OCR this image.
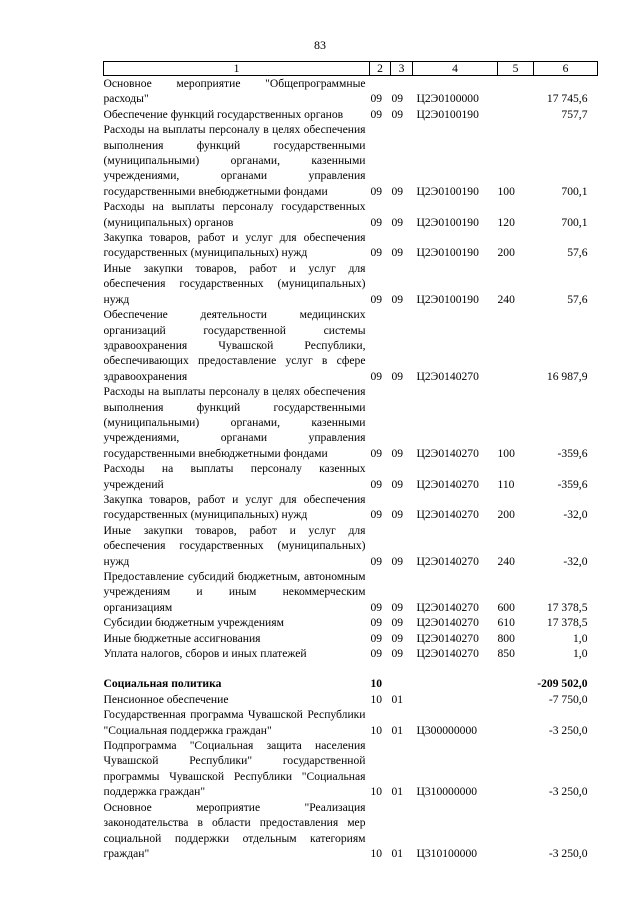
83
1	2	3	4	5	6
Основное мероприятие "Общепрограммные расходы"	09	09	Ц2Э0100000		17 745,6
Обеспечение функций государственных органов	09	09	Ц2Э0100190		757,7
Расходы на выплаты персоналу в целях обеспечения выполнения функций государственными (муниципальными) органами, казенными учреждениями, органами управления государственными внебюджетными фондами	09	09	Ц2Э0100190	100	700,1
Расходы на выплаты персоналу государственных (муниципальных) органов	09	09	Ц2Э0100190	120	700,1
Закупка товаров, работ и услуг для обеспечения государственных (муниципальных) нужд	09	09	Ц2Э0100190	200	57,6
Иные закупки товаров, работ и услуг для обеспечения государственных (муниципальных) нужд	09	09	Ц2Э0100190	240	57,6
Обеспечение деятельности медицинских организаций государственной системы здравоохранения Чувашской Республики, обеспечивающих предоставление услуг в сфере здравоохранения	09	09	Ц2Э0140270		16 987,9
Расходы на выплаты персоналу в целях обеспечения выполнения функций государственными (муниципальными) органами, казенными учреждениями, органами управления государственными внебюджетными фондами	09	09	Ц2Э0140270	100	-359,6
Расходы на выплаты персоналу казенных учреждений	09	09	Ц2Э0140270	110	-359,6
Закупка товаров, работ и услуг для обеспечения государственных (муниципальных) нужд	09	09	Ц2Э0140270	200	-32,0
Иные закупки товаров, работ и услуг для обеспечения государственных (муниципальных) нужд	09	09	Ц2Э0140270	240	-32,0
Предоставление субсидий бюджетным, автономным учреждениям и иным некоммерческим организациям	09	09	Ц2Э0140270	600	17 378,5
Субсидии бюджетным учреждениям	09	09	Ц2Э0140270	610	17 378,5
Иные бюджетные ассигнования	09	09	Ц2Э0140270	800	1,0
Уплата налогов, сборов и иных платежей	09	09	Ц2Э0140270	850	1,0

Социальная политика	10				-209 502,0
Пенсионное обеспечение	10	01			-7 750,0
Государственная программа Чувашской Республики "Социальная поддержка граждан"	10	01	Ц300000000		-3 250,0
Подпрограмма "Социальная защита населения Чувашской Республики" государственной программы Чувашской Республики "Социальная поддержка граждан"	10	01	Ц310000000		-3 250,0
Основное мероприятие "Реализация законодательства в области предоставления мер социальной поддержки отдельным категориям граждан"	10	01	Ц310100000		-3 250,0
